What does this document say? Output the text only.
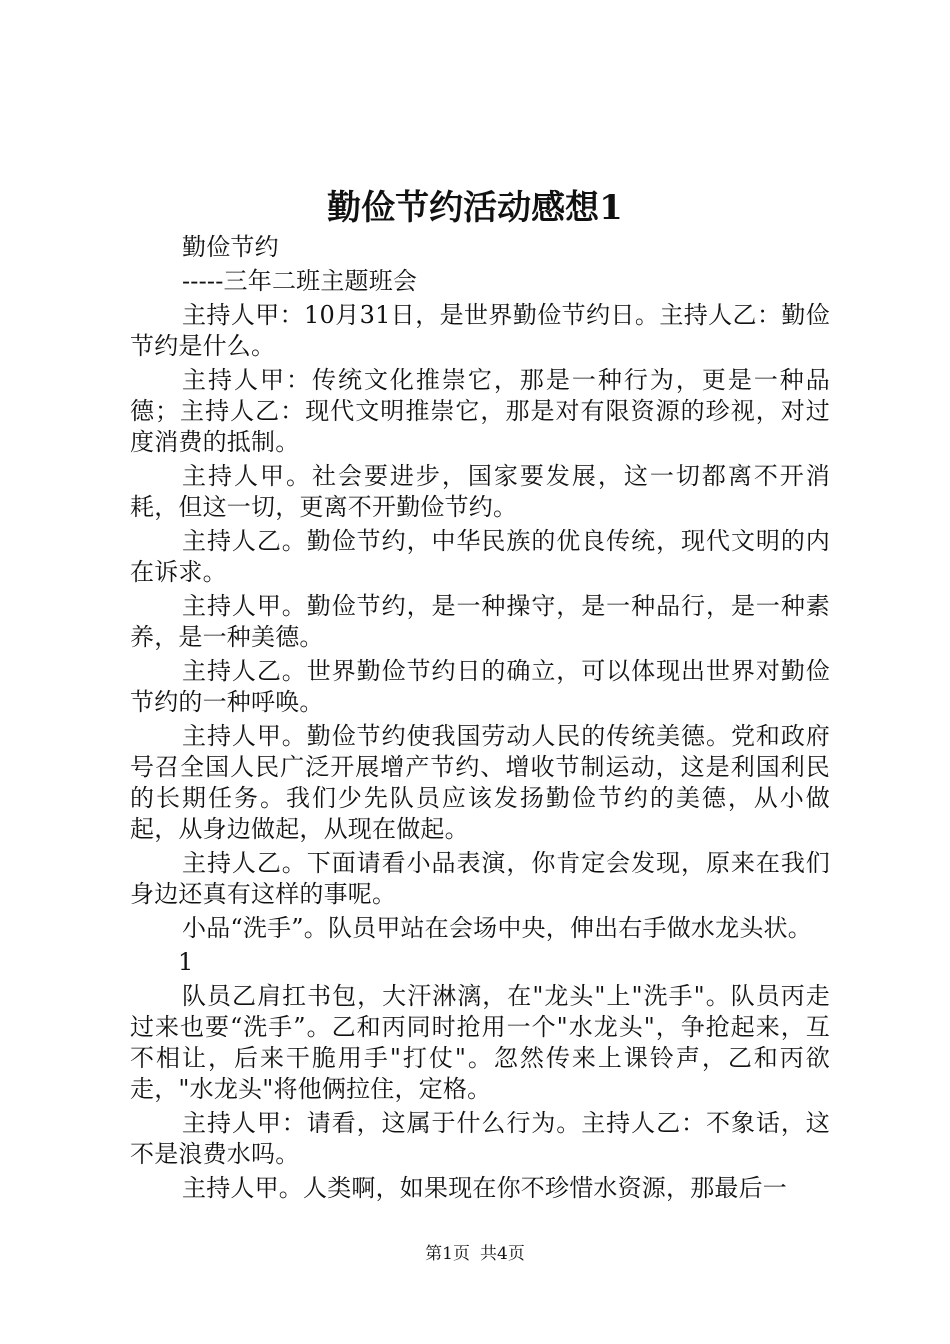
勤俭节约活动感想1

勤俭节约

-----三年二班主题班会

主持人甲：10月31日，是世界勤俭节约日。主持人乙：勤俭节约是什么。

主持人甲：传统文化推崇它，那是一种行为，更是一种品德；主持人乙：现代文明推崇它，那是对有限资源的珍视，对过度消费的抵制。

主持人甲。社会要进步，国家要发展，这一切都离不开消耗，但这一切，更离不开勤俭节约。

主持人乙。勤俭节约，中华民族的优良传统，现代文明的内在诉求。

主持人甲。勤俭节约，是一种操守，是一种品行，是一种素养，是一种美德。

主持人乙。世界勤俭节约日的确立，可以体现出世界对勤俭节约的一种呼唤。

主持人甲。勤俭节约使我国劳动人民的传统美德。党和政府号召全国人民广泛开展增产节约、增收节制运动，这是利国利民的长期任务。我们少先队员应该发扬勤俭节约的美德，从小做起，从身边做起，从现在做起。

主持人乙。下面请看小品表演，你肯定会发现，原来在我们身边还真有这样的事呢。

小品“洗手”。队员甲站在会场中央，伸出右手做水龙头状。

1

队员乙肩扛书包，大汗淋漓，在"龙头"上"洗手"。队员丙走过来也要“洗手”。乙和丙同时抢用一个"水龙头"，争抢起来，互不相让，后来干脆用手"打仗"。忽然传来上课铃声，乙和丙欲走，"水龙头"将他俩拉住，定格。

主持人甲：请看，这属于什么行为。主持人乙：不象话，这不是浪费水吗。

主持人甲。人类啊，如果现在你不珍惜水资源，那最后一

第1页 共4页
